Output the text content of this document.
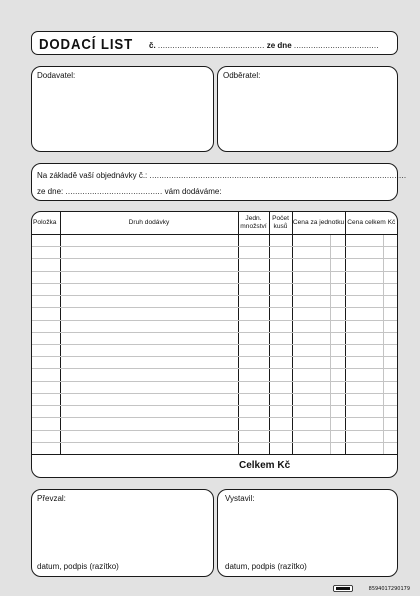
DODACÍ LIST č. ............................................ ze dne ...................................
Dodavatel:	Odběratel:
Na základě vaší objednávky č.: ..........................................................................................................
ze dne: ........................................ vám dodáváme:
Položka	Druh dodávky	Jedn. množství	Počet kusů	Cena za jednotku		Cena celkem Kč	

Celkem Kč
Převzal:
datum, podpis (razítko)
Vystavil:
datum, podpis (razítko)
8594017290179
